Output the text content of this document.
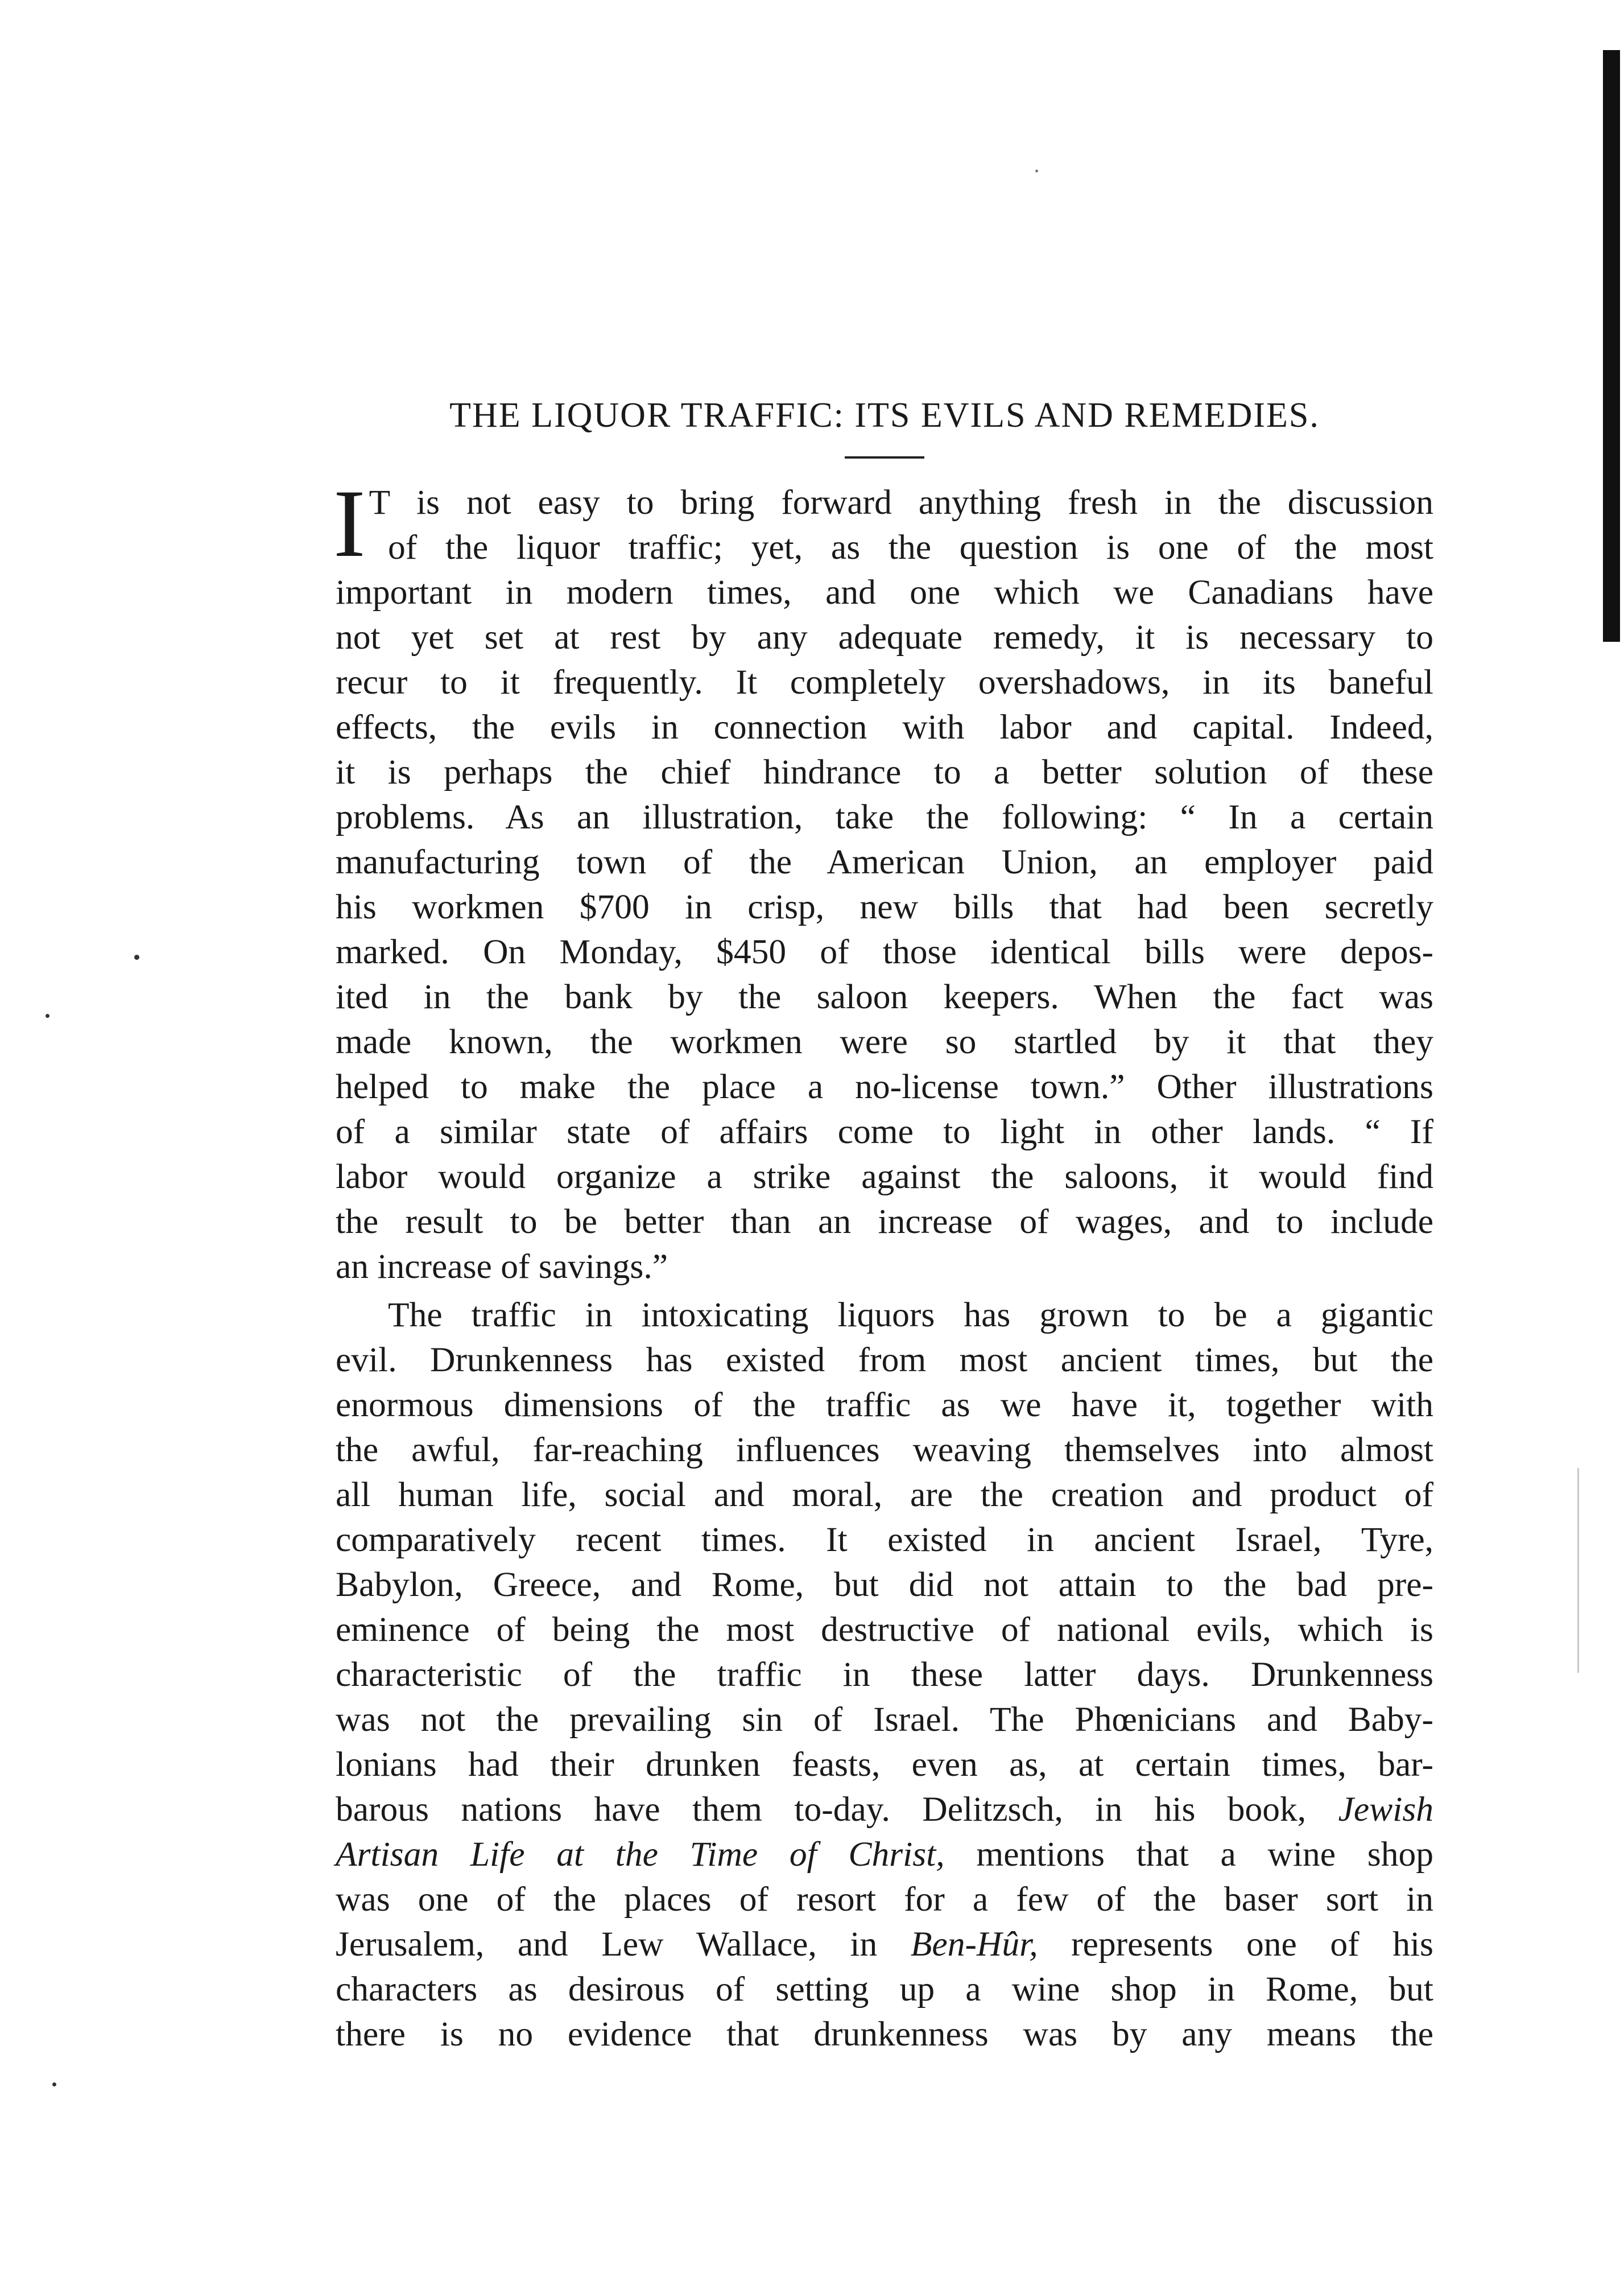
THE LIQUOR TRAFFIC: ITS EVILS AND REMEDIES.

I T is not easy to bring forward anything fresh in the discussion
of the liquor traffic; yet, as the question is one of the most
important in modern times, and one which we Canadians have
not yet set at rest by any adequate remedy, it is necessary to
recur to it frequently. It completely overshadows, in its baneful
effects, the evils in connection with labor and capital. Indeed,
it is perhaps the chief hindrance to a better solution of these
problems. As an illustration, take the following: “ In a certain
manufacturing town of the American Union, an employer paid
his workmen $700 in crisp, new bills that had been secretly
marked. On Monday, $450 of those identical bills were depos-
ited in the bank by the saloon keepers. When the fact was
made known, the workmen were so startled by it that they
helped to make the place a no-license town.” Other illustrations
of a similar state of affairs come to light in other lands. “ If
labor would organize a strike against the saloons, it would find
the result to be better than an increase of wages, and to include
an increase of savings.”

The traffic in intoxicating liquors has grown to be a gigantic
evil. Drunkenness has existed from most ancient times, but the
enormous dimensions of the traffic as we have it, together with
the awful, far-reaching influences weaving themselves into almost
all human life, social and moral, are the creation and product of
comparatively recent times. It existed in ancient Israel, Tyre,
Babylon, Greece, and Rome, but did not attain to the bad pre-
eminence of being the most destructive of national evils, which is
characteristic of the traffic in these latter days. Drunkenness
was not the prevailing sin of Israel. The Phœnicians and Baby-
lonians had their drunken feasts, even as, at certain times, bar-
barous nations have them to-day. Delitzsch, in his book, Jewish
Artisan Life at the Time of Christ, mentions that a wine shop
was one of the places of resort for a few of the baser sort in
Jerusalem, and Lew Wallace, in Ben-Hûr, represents one of his
characters as desirous of setting up a wine shop in Rome, but
there is no evidence that drunkenness was by any means the
